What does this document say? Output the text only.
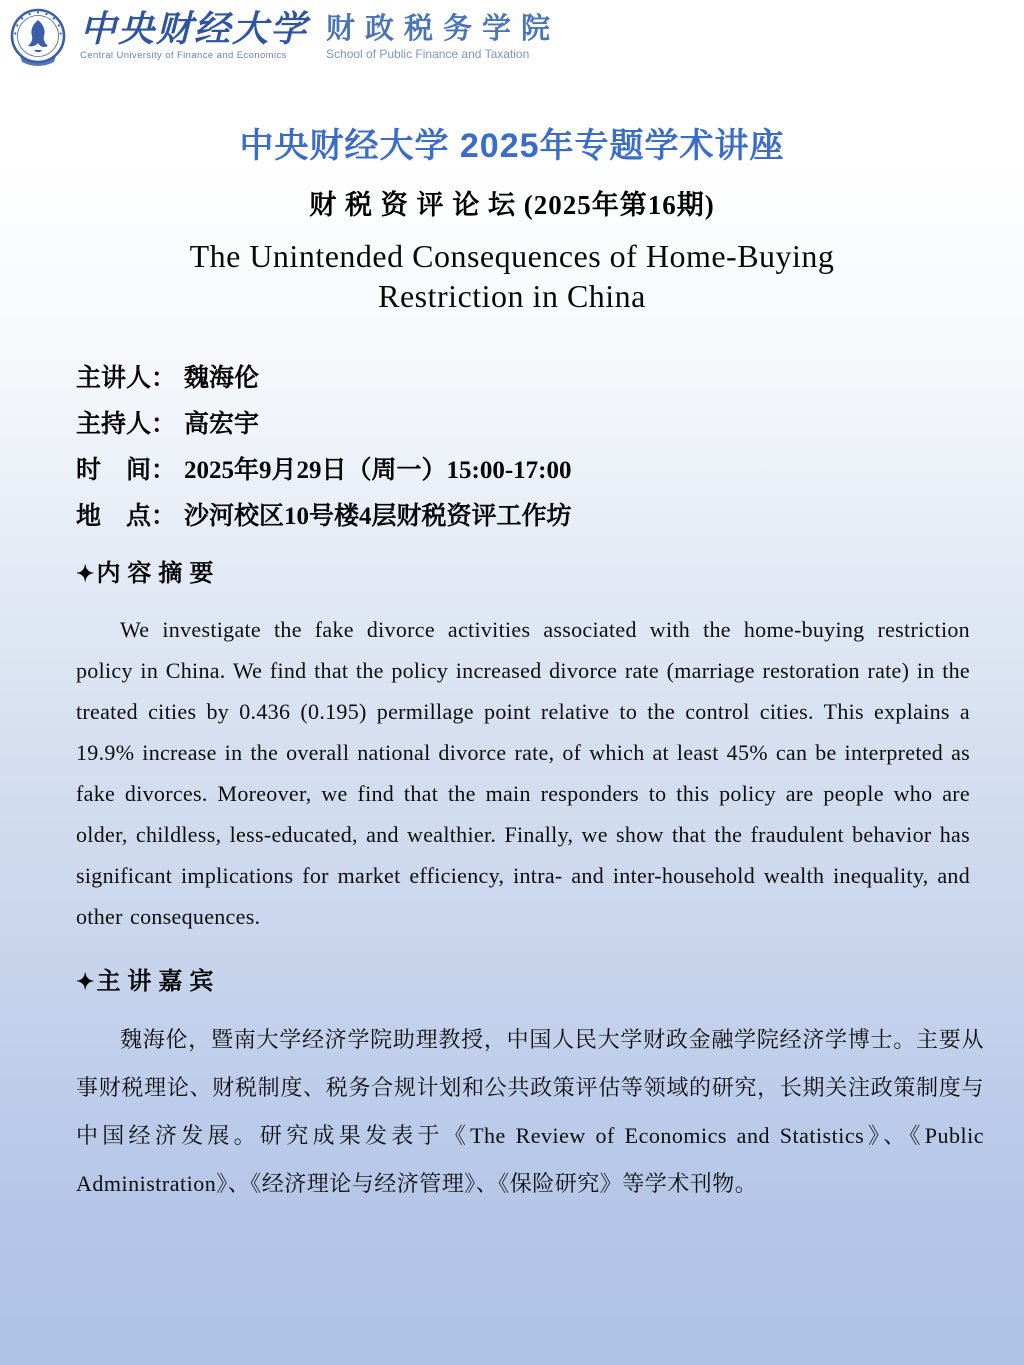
中央财经大学
Central University of Finance and Economics
财政税务学院
School of Public Finance and Taxation
中央财经大学 2025年专题学术讲座
财 税 资 评 论 坛 (2025年第16期)
The Unintended Consequences of Home-Buying
Restriction in China
主讲人： 魏海伦
主持人： 高宏宇
时　间： 2025年9月29日（周一）15:00-17:00
地　点： 沙河校区10号楼4层财税资评工作坊
✦内容摘要
We investigate the fake divorce activities associated with the home-buying restriction policy in China. We find that the policy increased divorce rate (marriage restoration rate) in the treated cities by 0.436 (0.195) permillage point relative to the control cities. This explains a 19.9% increase in the overall national divorce rate, of which at least 45% can be interpreted as fake divorces. Moreover, we find that the main responders to this policy are people who are older, childless, less-educated, and wealthier. Finally, we show that the fraudulent behavior has significant implications for market efficiency, intra- and inter-household wealth inequality, and other consequences.
✦主讲嘉宾
魏海伦，暨南大学经济学院助理教授，中国人民大学财政金融学院经济学博士。主要从事财税理论、财税制度、税务合规计划和公共政策评估等领域的研究，长期关注政策制度与中国经济发展。研究成果发表于《The Review of Economics and Statistics》、《Public Administration》、《经济理论与经济管理》、《保险研究》等学术刊物。
